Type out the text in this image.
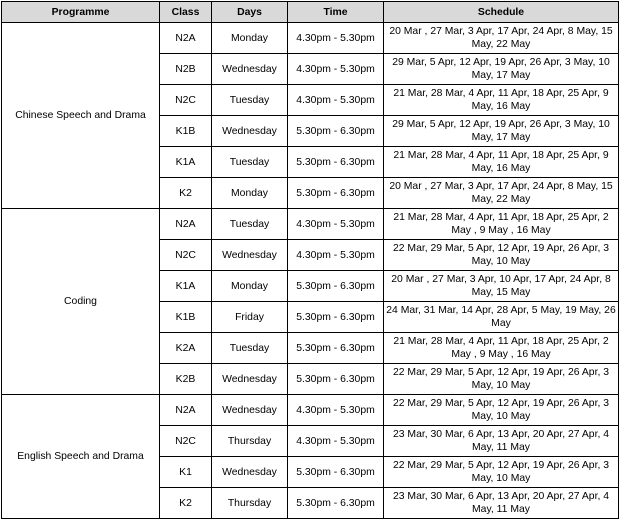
Programme	Class	Days	Time	Schedule
Chinese Speech and Drama	N2A	Monday	4.30pm - 5.30pm	20 Mar , 27 Mar, 3 Apr, 17 Apr, 24 Apr, 8 May, 15 May, 22 May
	N2B	Wednesday	4.30pm - 5.30pm	29 Mar, 5 Apr, 12 Apr, 19 Apr, 26 Apr, 3 May, 10 May, 17 May
	N2C	Tuesday	4.30pm - 5.30pm	21 Mar, 28 Mar, 4 Apr, 11 Apr, 18 Apr, 25 Apr, 9 May, 16 May
	K1B	Wednesday	5.30pm - 6.30pm	29 Mar, 5 Apr, 12 Apr, 19 Apr, 26 Apr, 3 May, 10 May, 17 May
	K1A	Tuesday	5.30pm - 6.30pm	21 Mar, 28 Mar, 4 Apr, 11 Apr, 18 Apr, 25 Apr, 9 May, 16 May
	K2	Monday	5.30pm - 6.30pm	20 Mar , 27 Mar, 3 Apr, 17 Apr, 24 Apr, 8 May, 15 May, 22 May
Coding	N2A	Tuesday	4.30pm - 5.30pm	21 Mar, 28 Mar, 4 Apr, 11 Apr, 18 Apr, 25 Apr, 2 May , 9 May , 16 May
	N2C	Wednesday	4.30pm - 5.30pm	22 Mar, 29 Mar, 5 Apr, 12 Apr, 19 Apr, 26 Apr, 3 May, 10 May
	K1A	Monday	5.30pm - 6.30pm	20 Mar , 27 Mar, 3 Apr, 10 Apr, 17 Apr, 24 Apr, 8 May, 15 May
	K1B	Friday	5.30pm - 6.30pm	24 Mar, 31 Mar, 14 Apr, 28 Apr, 5 May, 19 May, 26 May
	K2A	Tuesday	5.30pm - 6.30pm	21 Mar, 28 Mar, 4 Apr, 11 Apr, 18 Apr, 25 Apr, 2 May , 9 May , 16 May
	K2B	Wednesday	5.30pm - 6.30pm	22 Mar, 29 Mar, 5 Apr, 12 Apr, 19 Apr, 26 Apr, 3 May, 10 May
English Speech and Drama	N2A	Wednesday	4.30pm - 5.30pm	22 Mar, 29 Mar, 5 Apr, 12 Apr, 19 Apr, 26 Apr, 3 May, 10 May
	N2C	Thursday	4.30pm - 5.30pm	23 Mar, 30 Mar, 6 Apr, 13 Apr, 20 Apr, 27 Apr, 4 May, 11 May
	K1	Wednesday	5.30pm - 6.30pm	22 Mar, 29 Mar, 5 Apr, 12 Apr, 19 Apr, 26 Apr, 3 May, 10 May
	K2	Thursday	5.30pm - 6.30pm	23 Mar, 30 Mar, 6 Apr, 13 Apr, 20 Apr, 27 Apr, 4 May, 11 May
